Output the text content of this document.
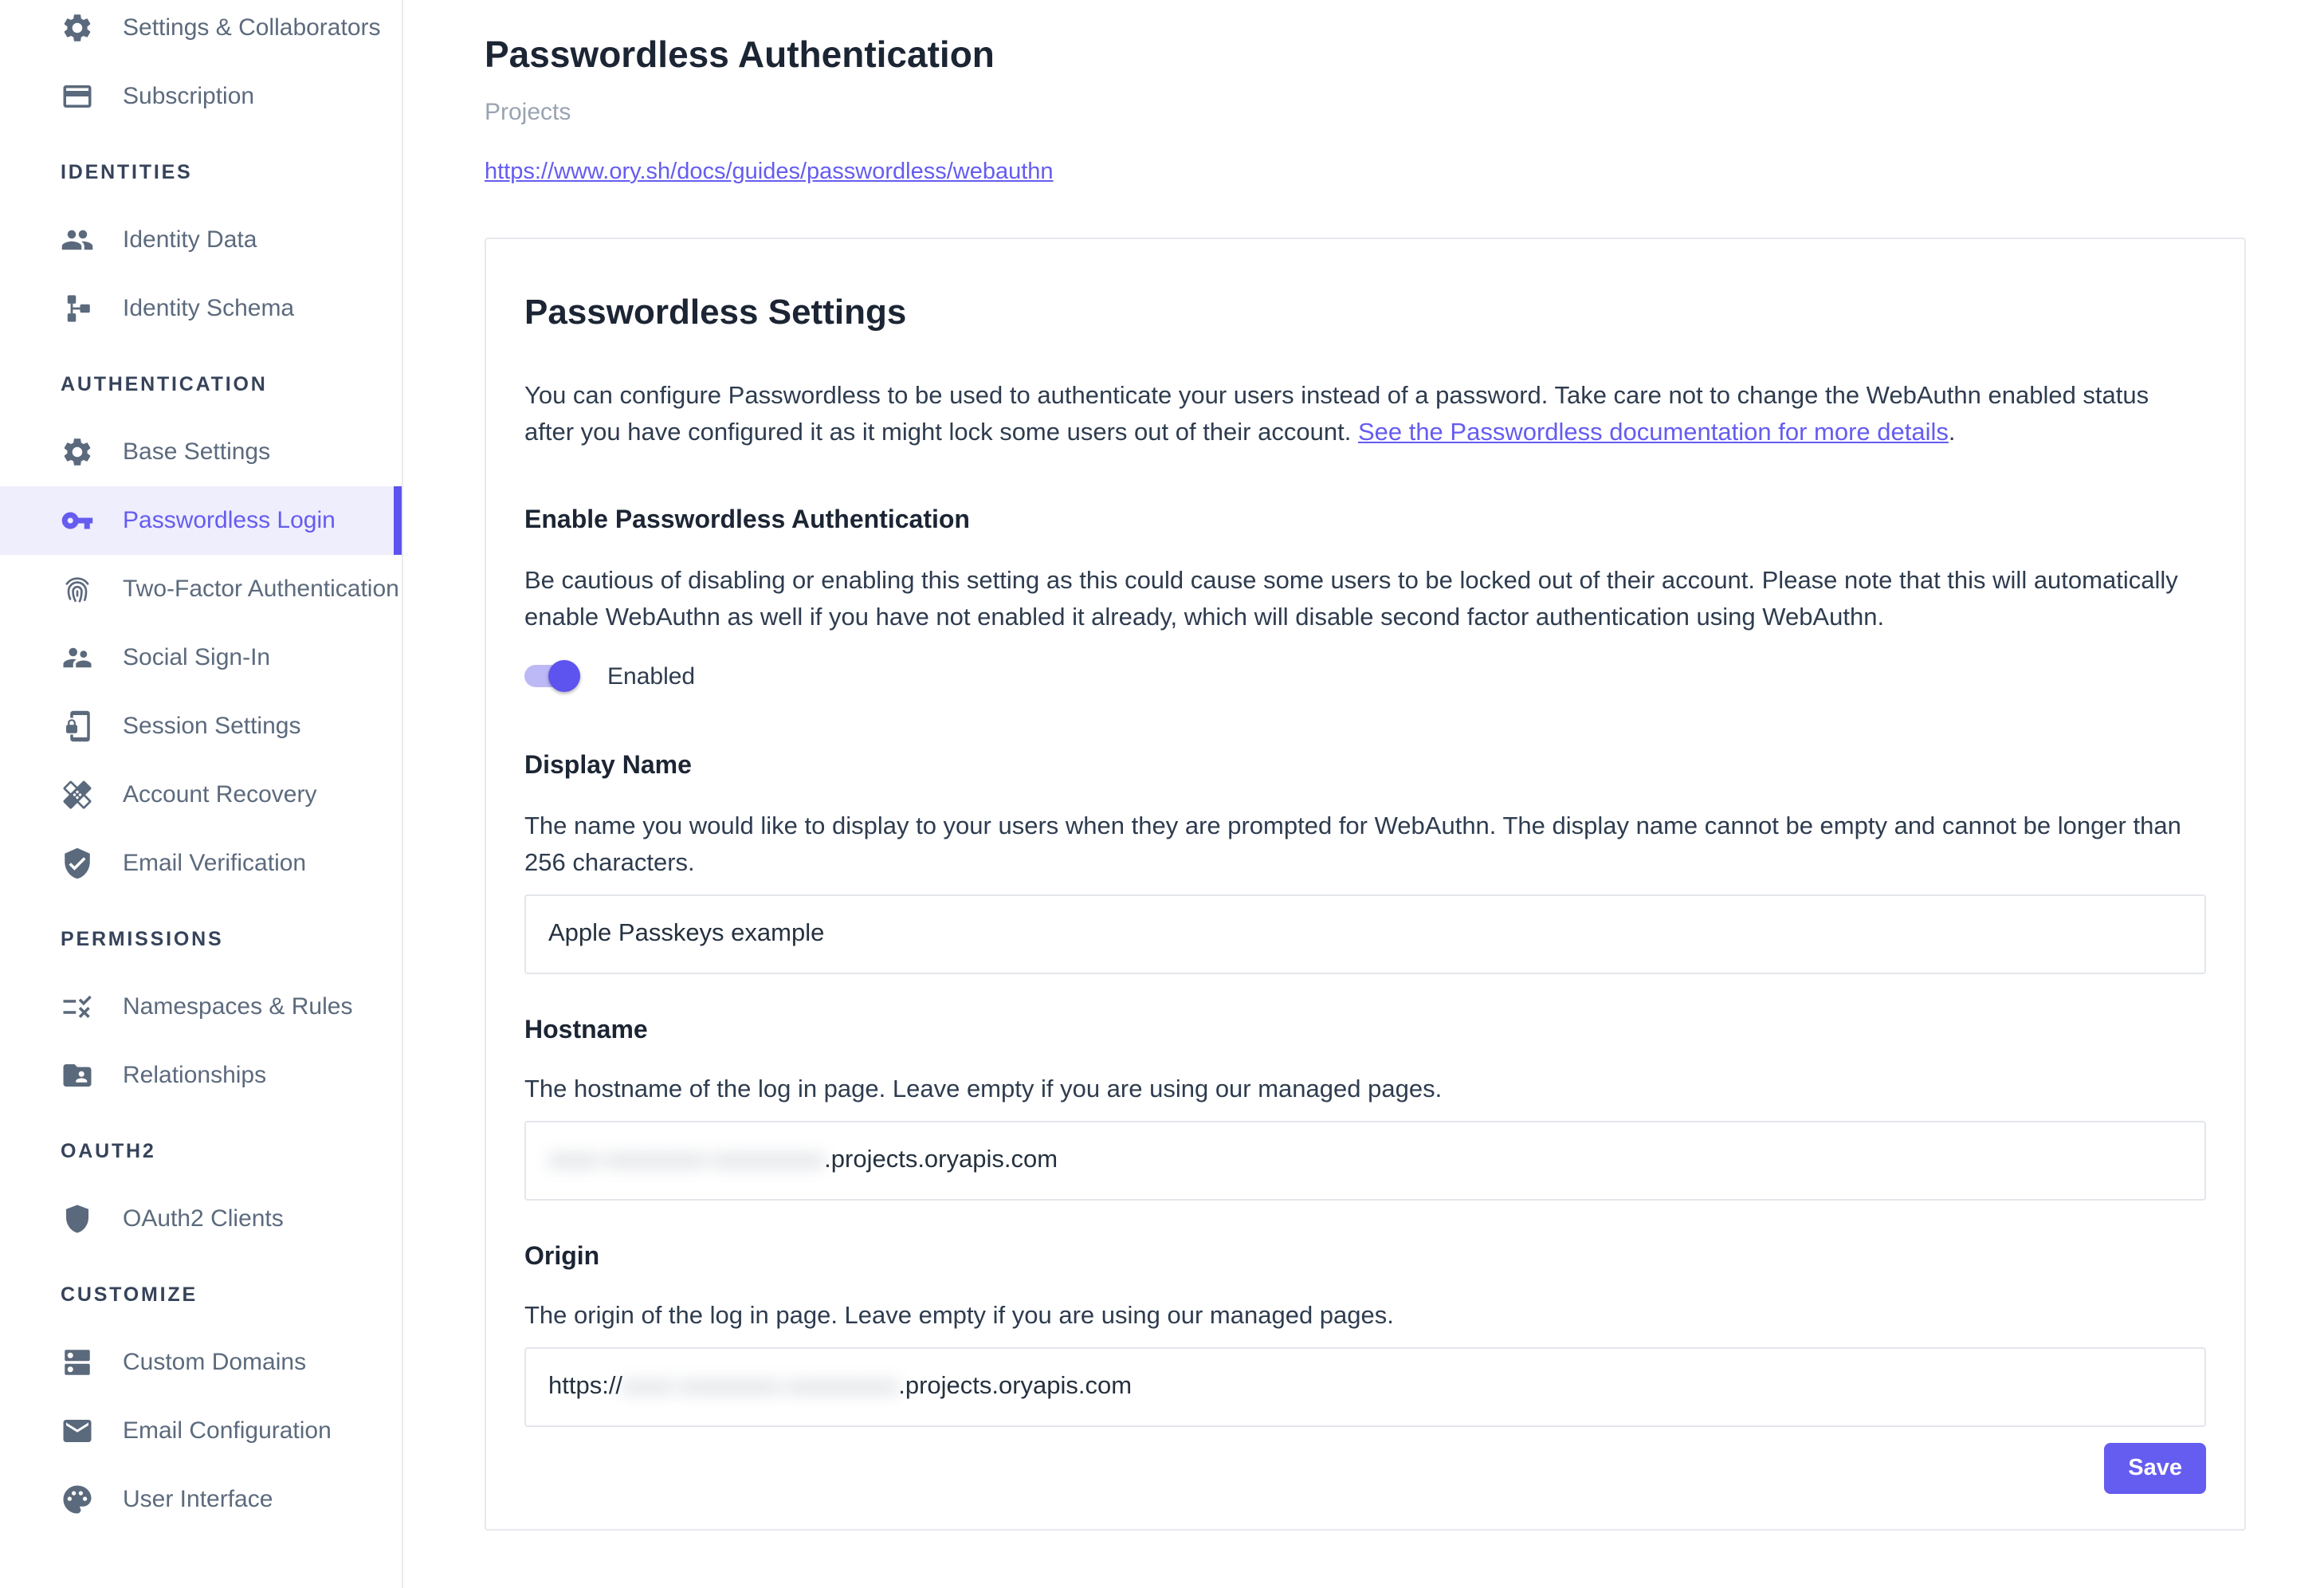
Settings & Collaborators
Subscription
IDENTITIES
Identity Data
Identity Schema
AUTHENTICATION
Base Settings
Passwordless Login
Two-Factor Authentication
Social Sign-In
Session Settings
Account Recovery
Email Verification
PERMISSIONS
Namespaces & Rules
Relationships
OAUTH2
OAuth2 Clients
CUSTOMIZE
Custom Domains
Email Configuration
User Interface
Passwordless Authentication
Projects
https://www.ory.sh/docs/guides/passwordless/webauthn
Passwordless Settings

You can configure Passwordless to be used to authenticate your users instead of a password. Take care not to change the WebAuthn enabled status after you have configured it as it might lock some users out of their account. See the Passwordless documentation for more details.

Enable Passwordless Authentication

Be cautious of disabling or enabling this setting as this could cause some users to be locked out of their account. Please note that this will automatically enable WebAuthn as well if you have not enabled it already, which will disable second factor authentication using WebAuthn.

Enabled
Display Name

The name you would like to display to your users when they are prompted for WebAuthn. The display name cannot be empty and cannot be longer than 256 characters.

Apple Passkeys example
Hostname

The hostname of the log in page. Leave empty if you are using our managed pages.

xxxx-xxxxxxxx-xxxxxxxxx .projects.oryapis.com
Origin

The origin of the log in page. Leave empty if you are using our managed pages.

https:// xxxx-xxxxxxxx-xxxxxxxxx .projects.oryapis.com
Save
